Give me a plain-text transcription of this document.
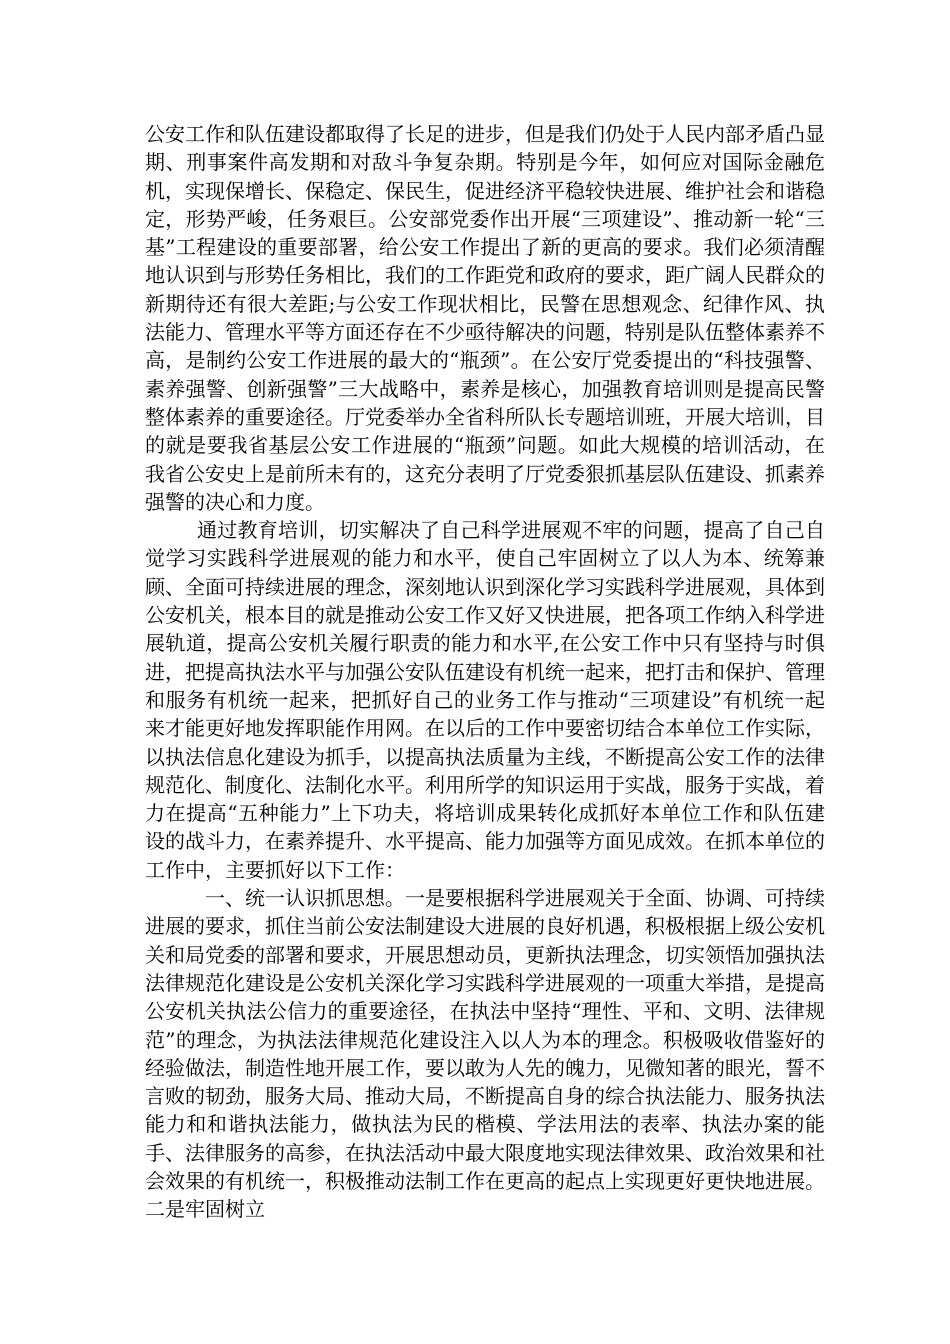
公安工作和队伍建设都取得了长足的进步，但是我们仍处于人民内部矛盾凸显期、刑事案件高发期和对敌斗争复杂期。特别是今年，如何应对国际金融危机，实现保增长、保稳定、保民生，促进经济平稳较快进展、维护社会和谐稳定，形势严峻，任务艰巨。公安部党委作出开展“三项建设”、推动新一轮“三基”工程建设的重要部署，给公安工作提出了新的更高的要求。我们必须清醒地认识到与形势任务相比，我们的工作距党和政府的要求，距广阔人民群众的新期待还有很大差距;与公安工作现状相比，民警在思想观念、纪律作风、执法能力、管理水平等方面还存在不少亟待解决的问题，特别是队伍整体素养不高，是制约公安工作进展的最大的“瓶颈”。在公安厅党委提出的“科技强警、素养强警、创新强警”三大战略中，素养是核心，加强教育培训则是提高民警整体素养的重要途径。厅党委举办全省科所队长专题培训班，开展大培训，目的就是要我省基层公安工作进展的“瓶颈”问题。如此大规模的培训活动，在我省公安史上是前所未有的，这充分表明了厅党委狠抓基层队伍建设、抓素养强警的决心和力度。

通过教育培训，切实解决了自己科学进展观不牢的问题，提高了自己自觉学习实践科学进展观的能力和水平，使自己牢固树立了以人为本、统筹兼顾、全面可持续进展的理念，深刻地认识到深化学习实践科学进展观，具体到公安机关，根本目的就是推动公安工作又好又快进展，把各项工作纳入科学进展轨道，提高公安机关履行职责的能力和水平,在公安工作中只有坚持与时俱进，把提高执法水平与加强公安队伍建设有机统一起来，把打击和保护、管理和服务有机统一起来，把抓好自己的业务工作与推动“三项建设”有机统一起来才能更好地发挥职能作用网。在以后的工作中要密切结合本单位工作实际，以执法信息化建设为抓手，以提高执法质量为主线，不断提高公安工作的法律规范化、制度化、法制化水平。利用所学的知识运用于实战，服务于实战，着力在提高“五种能力”上下功夫，将培训成果转化成抓好本单位工作和队伍建设的战斗力，在素养提升、水平提高、能力加强等方面见成效。在抓本单位的工作中，主要抓好以下工作：

一、统一认识抓思想。一是要根据科学进展观关于全面、协调、可持续进展的要求，抓住当前公安法制建设大进展的良好机遇，积极根据上级公安机关和局党委的部署和要求，开展思想动员，更新执法理念，切实领悟加强执法法律规范化建设是公安机关深化学习实践科学进展观的一项重大举措，是提高公安机关执法公信力的重要途径，在执法中坚持“理性、平和、文明、法律规范”的理念，为执法法律规范化建设注入以人为本的理念。积极吸收借鉴好的经验做法，制造性地开展工作，要以敢为人先的魄力，见微知著的眼光，誓不言败的韧劲，服务大局、推动大局，不断提高自身的综合执法能力、服务执法能力和和谐执法能力，做执法为民的楷模、学法用法的表率、执法办案的能手、法律服务的高参，在执法活动中最大限度地实现法律效果、政治效果和社会效果的有机统一，积极推动法制工作在更高的起点上实现更好更快地进展。二是牢固树立
